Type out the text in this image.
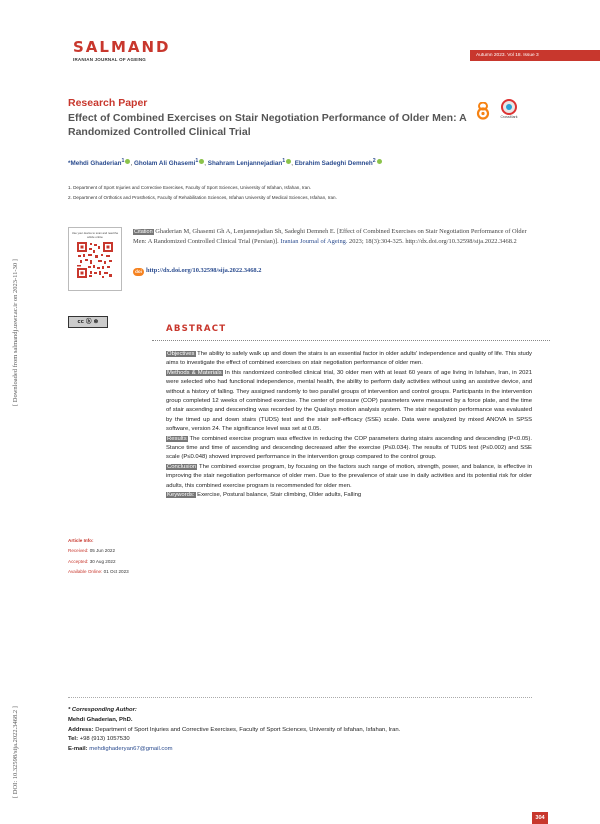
SALMAND
IRANIAN JOURNAL OF AGEING
Autumn 2023. Vol 18. Issue 3
Research Paper
Effect of Combined Exercises on Stair Negotiation Performance of Older Men: A Randomized Controlled Clinical Trial
CrossMark
*Mehdi Ghaderian$^1$ , Gholam Ali Ghasemi$^1$ , Shahram Lenjannejadian$^1$ , Ebrahim Sadeghi Demneh$^2$
1. Department of Sport Injuries and Corrective Exercises, Faculty of Sport Sciences, University of Isfahan, Isfahan, Iran.
2. Department of Orthotics and Prosthetics, Faculty of Rehabilitation Sciences, Isfahan University of Medical Sciences, Isfahan, Iran.
Use your device to scan and read the article online
Citation Ghaderian M, Ghasemi Gh A, Lenjannejadian Sh, Sadeghi Demneh E. [Effect of Combined Exercises on Stair Negotiation Performance of Older Men: A Randomized Controlled Clinical Trial (Persian)]. Iranian Journal of Ageing. 2023; 18(3):304-325. http://dx.doi.org/10.32598/sija.2022.3468.2
doi http://dx.doi.org/10.32598/sija.2022.3468.2
cc ⓑ ⊜
ABSTRACT

Objectives The ability to safely walk up and down the stairs is an essential factor in older adults' independence and quality of life. This study aims to investigate the effect of combined exercises on stair negotiation performance of older men.

Methods & Materials In this randomized controlled clinical trial, 30 older men with at least 60 years of age living in Isfahan, Iran, in 2021 were selected who had functional independence, mental health, the ability to perform daily activities without using an assistive device, and without a history of falling. They assigned randomly to two parallel groups of intervention and control groups. Participants in the intervention group completed 12 weeks of combined exercise. The center of pressure (COP) parameters were measured by a force plate, and the time of stair ascending and descending was recorded by the Qualisys motion analysis system. The stair negotiation performance was evaluated by the timed up and down stairs (TUDS) test and the stair self-efficacy (SSE) scale. Data were analyzed by mixed ANOVA in SPSS software, version 24. The significance level was set at 0.05.

Results The combined exercise program was effective in reducing the COP parameters during stairs ascending and descending (P<0.05). Stance time and time of ascending and descending decreased after the exercise (P≤0.034). The results of TUDS test (P≤0.002) and SSE scale (P≤0.048) showed improved performance in the intervention group compared to the control group.

Conclusion The combined exercise program, by focusing on the factors such range of motion, strength, power, and balance, is effective in improving the stair negotiation performance of older men. Due to the prevalence of stair use in daily activities and its potential risk for older adults, this combined exercise program is recommended for older men.

Keywords: Exercise, Postural balance, Stair climbing, Older adults, Falling

Article Info:
Received: 05 Jun 2022
Accepted: 30 Aug 2022
Available Online: 01 Oct 2023
[ Downloaded from salmandj.uswr.ac.ir on 2023-11-30 ]
[ DOI: 10.32598/sija.2022.3468.2 ]	* Corresponding Author:
Mehdi Ghaderian, PhD.
Address: Department of Sport Injuries and Corrective Exercises, Faculty of Sport Sciences, University of Isfahan, Isfahan, Iran.
Tel: +98 (913) 1057530
E-mail: mehdighaderyan67@gmail.com
304
